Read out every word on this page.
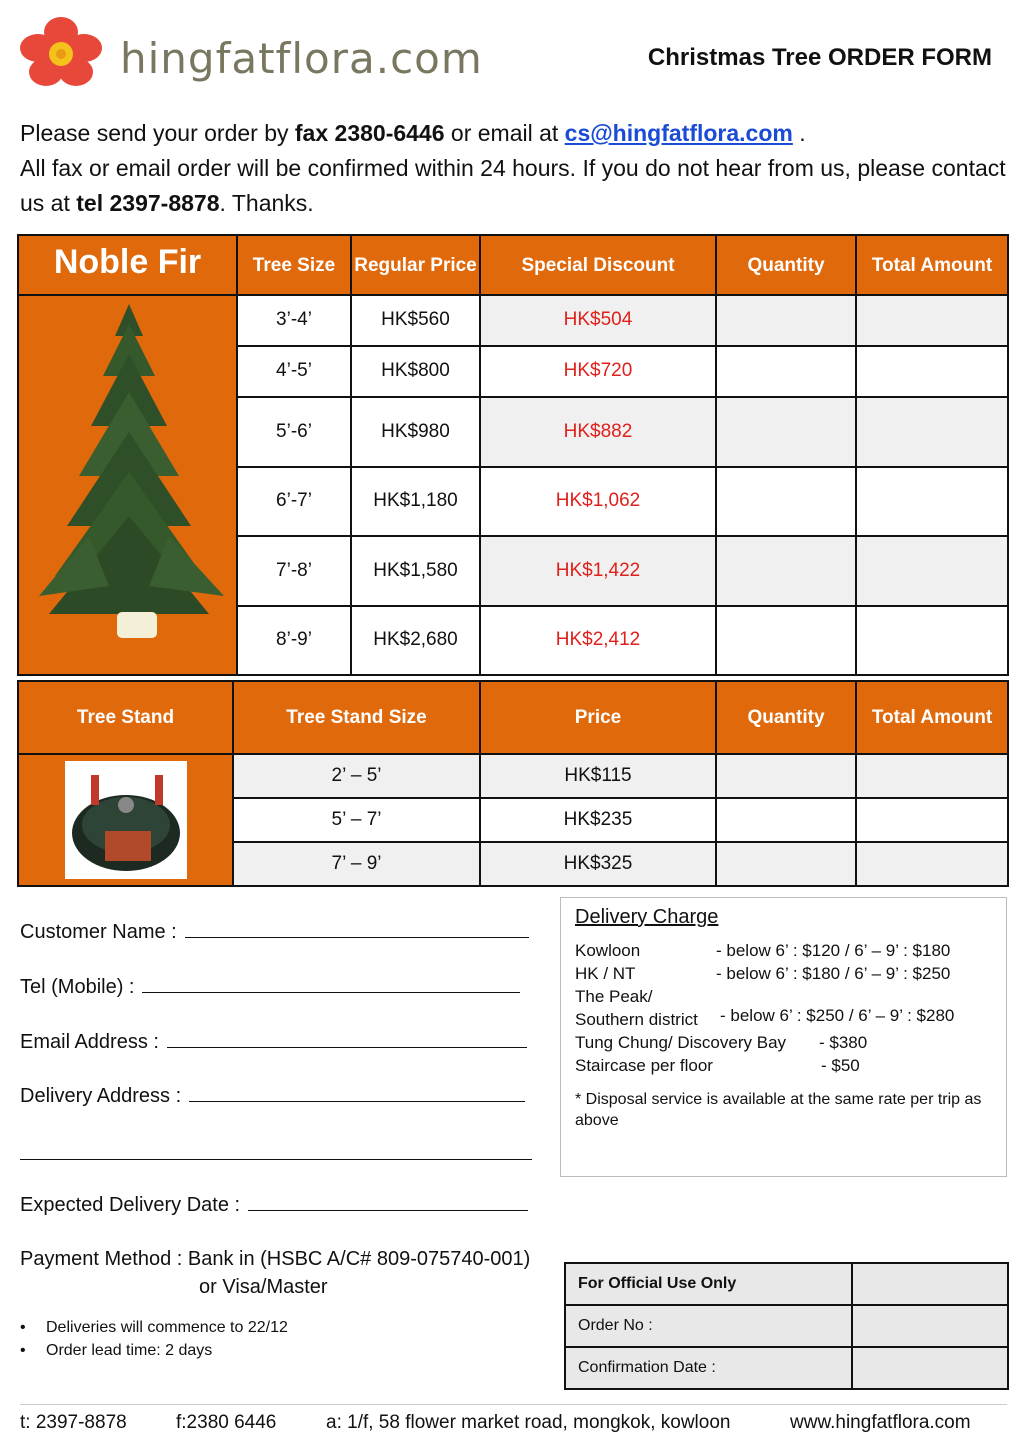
hingfatflora.com	Christmas Tree ORDER FORM
Please send your order by fax 2380-6446 or email at cs@hingfatflora.com .
All fax or email order will be confirmed within 24 hours. If you do not hear from us, please contact us at tel 2397-8878. Thanks.
Noble Fir	Tree Size	Regular Price	Special Discount	Quantity	Total Amount
	3’-4’	HK$560	HK$504		
	4’-5’	HK$800	HK$720		
	5’-6’	HK$980	HK$882		
	6’-7’	HK$1,180	HK$1,062		
	7’-8’	HK$1,580	HK$1,422		
	8’-9’	HK$2,680	HK$2,412		
Tree Stand	Tree Stand Size	Price	Quantity	Total Amount

	2’ – 5’	HK$115		
	5’ – 7’	HK$235		
	7’ – 9’	HK$325		
Customer Name :
Tel (Mobile) :
Email Address :
Delivery Address :
Expected Delivery Date :
Payment Method : Bank in (HSBC A/C# 809-075740-001)
or Visa/Master
• Deliveries will commence to 22/12
• Order lead time: 2 days
Delivery Charge
Kowloon	- below 6’ : $120 / 6’ – 9’ : $180
HK / NT	- below 6’ : $180 / 6’ – 9’ : $250
The Peak/
Southern district - below 6’ : $250 / 6’ – 9’ : $280
Tung Chung/ Discovery Bay - $380
Staircase per floor	- $50
* Disposal service is available at the same rate per trip as above
For Official Use Only	
Order No :	
Confirmation Date :	
t: 2397-8878	f:2380 6446	a: 1/f, 58 flower market road, mongkok, kowloon	www.hingfatflora.com
